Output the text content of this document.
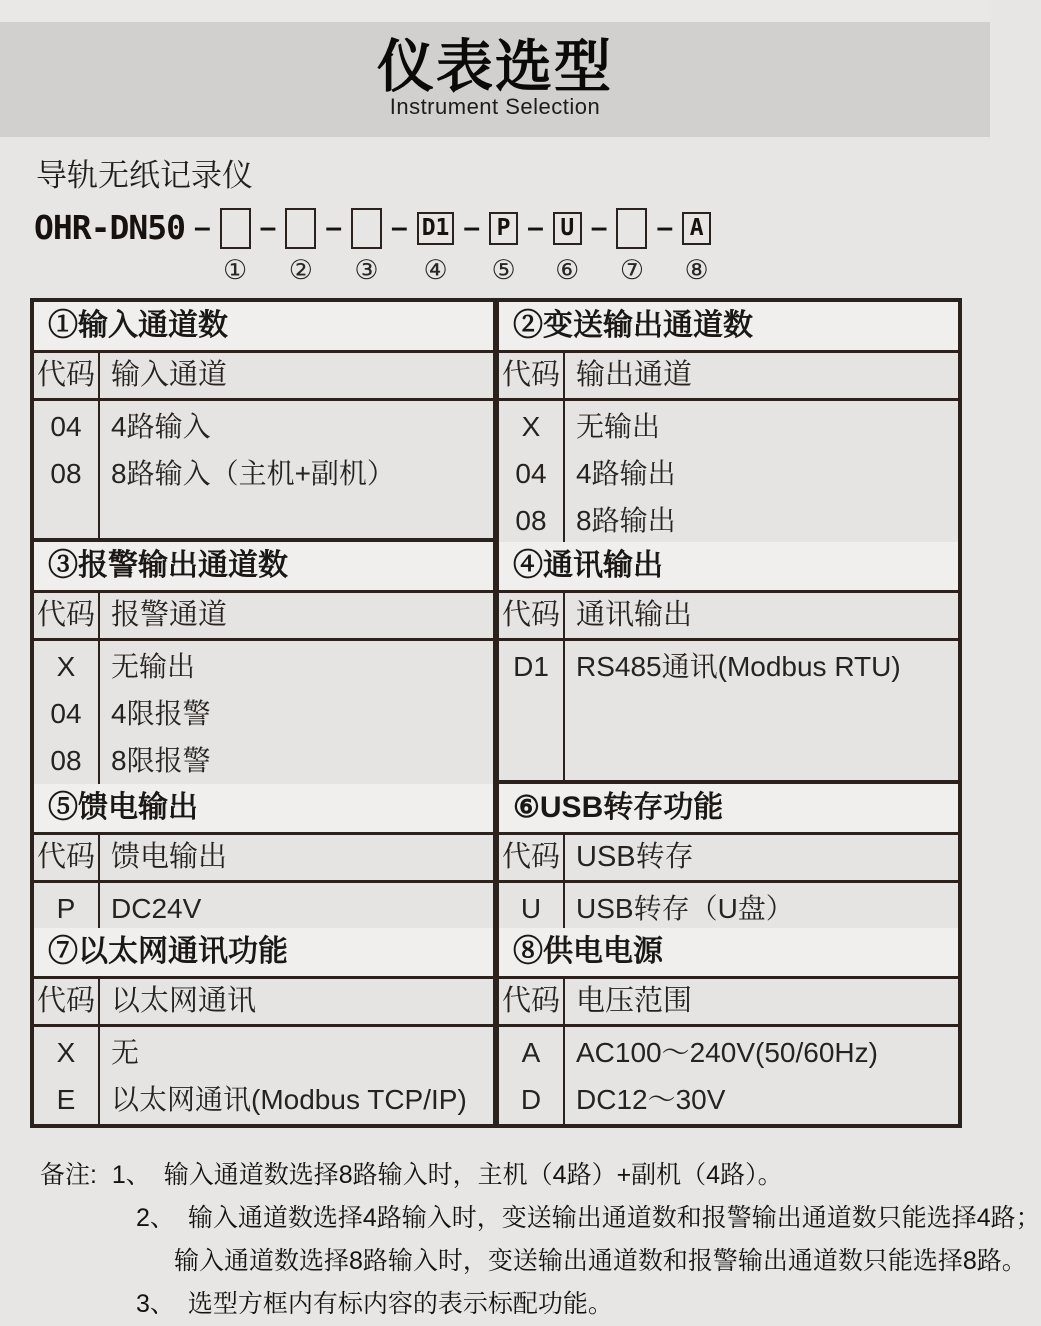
仪表选型
Instrument Selection
导轨无纸记录仪
OHR-DN50 –
①
–
②
–
③
– D1
④
– P
⑤
– U
⑥
–
⑦
– A
⑧
①输入通道数
代码 输入通道
04
08
4路输入
8路输入（主机+副机）
②变送输出通道数
代码 输出通道
X
04
08
无输出
4路输出
8路输出
③报警输出通道数
代码 报警通道
X
04
08
无输出
4限报警
8限报警
④通讯输出
代码 通讯输出
D1 RS485通讯(Modbus RTU)
⑤馈电输出
代码 馈电输出
P	DC24V
⑥USB转存功能
代码 USB转存
U	USB转存（U盘）
⑦以太网通讯功能
代码 以太网通讯
X
E
无
以太网通讯(Modbus TCP/IP)
⑧供电电源
代码 电压范围
A
D
AC100～240V(50/60Hz)
DC12～30V
备注: 1、 输入通道数选择8路输入时，主机（4路）+副机（4路）。
2、 输入通道数选择4路输入时，变送输出通道数和报警输出通道数只能选择4路；
输入通道数选择8路输入时，变送输出通道数和报警输出通道数只能选择8路。
3、 选型方框内有标内容的表示标配功能。
